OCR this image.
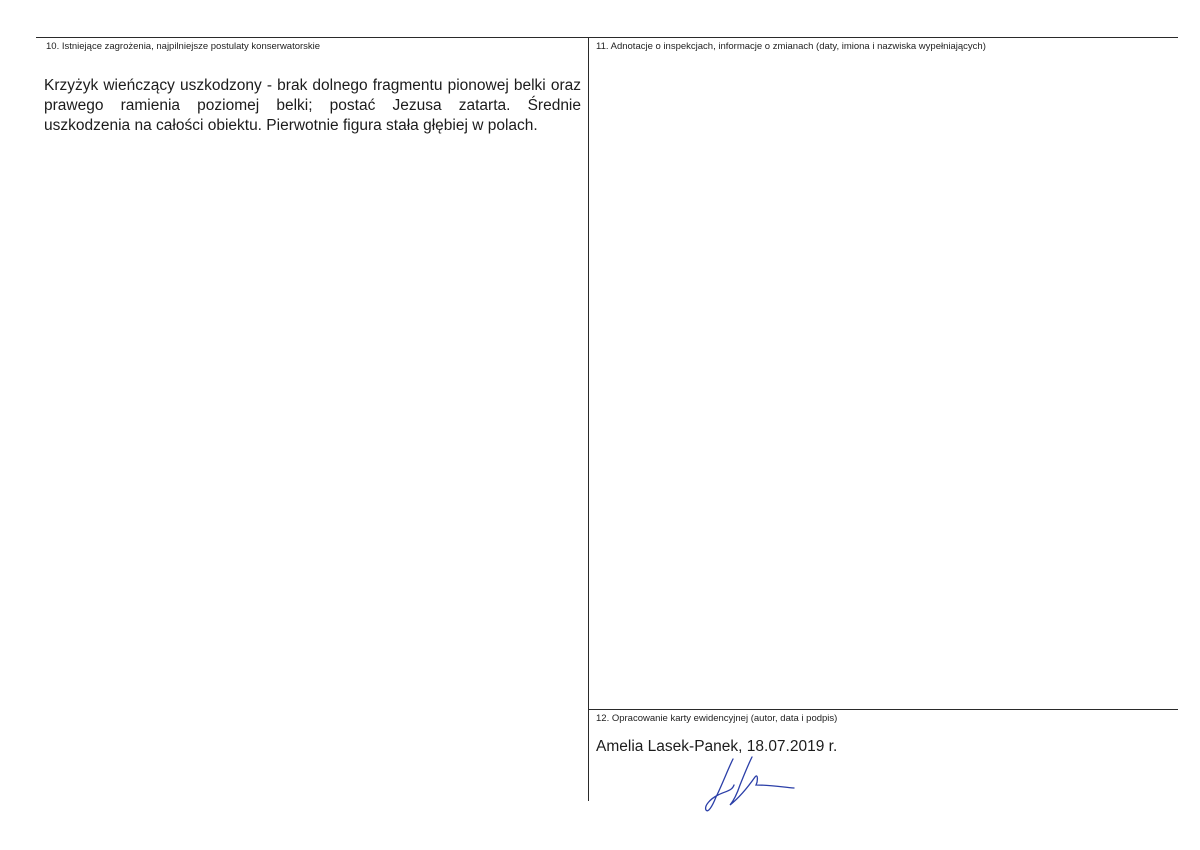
10. Istniejące zagrożenia, najpilniejsze postulaty konserwatorskie

Krzyżyk wieńczący uszkodzony - brak dolnego fragmentu pionowej belki oraz prawego ramienia poziomej belki; postać Jezusa zatarta. Średnie uszkodzenia na całości obiektu. Pierwotnie figura stała głębiej w polach.

11. Adnotacje o inspekcjach, informacje o zmianach (daty, imiona i nazwiska wypełniających)
12. Opracowanie karty ewidencyjnej (autor, data i podpis)
Amelia Lasek-Panek, 18.07.2019 r.
